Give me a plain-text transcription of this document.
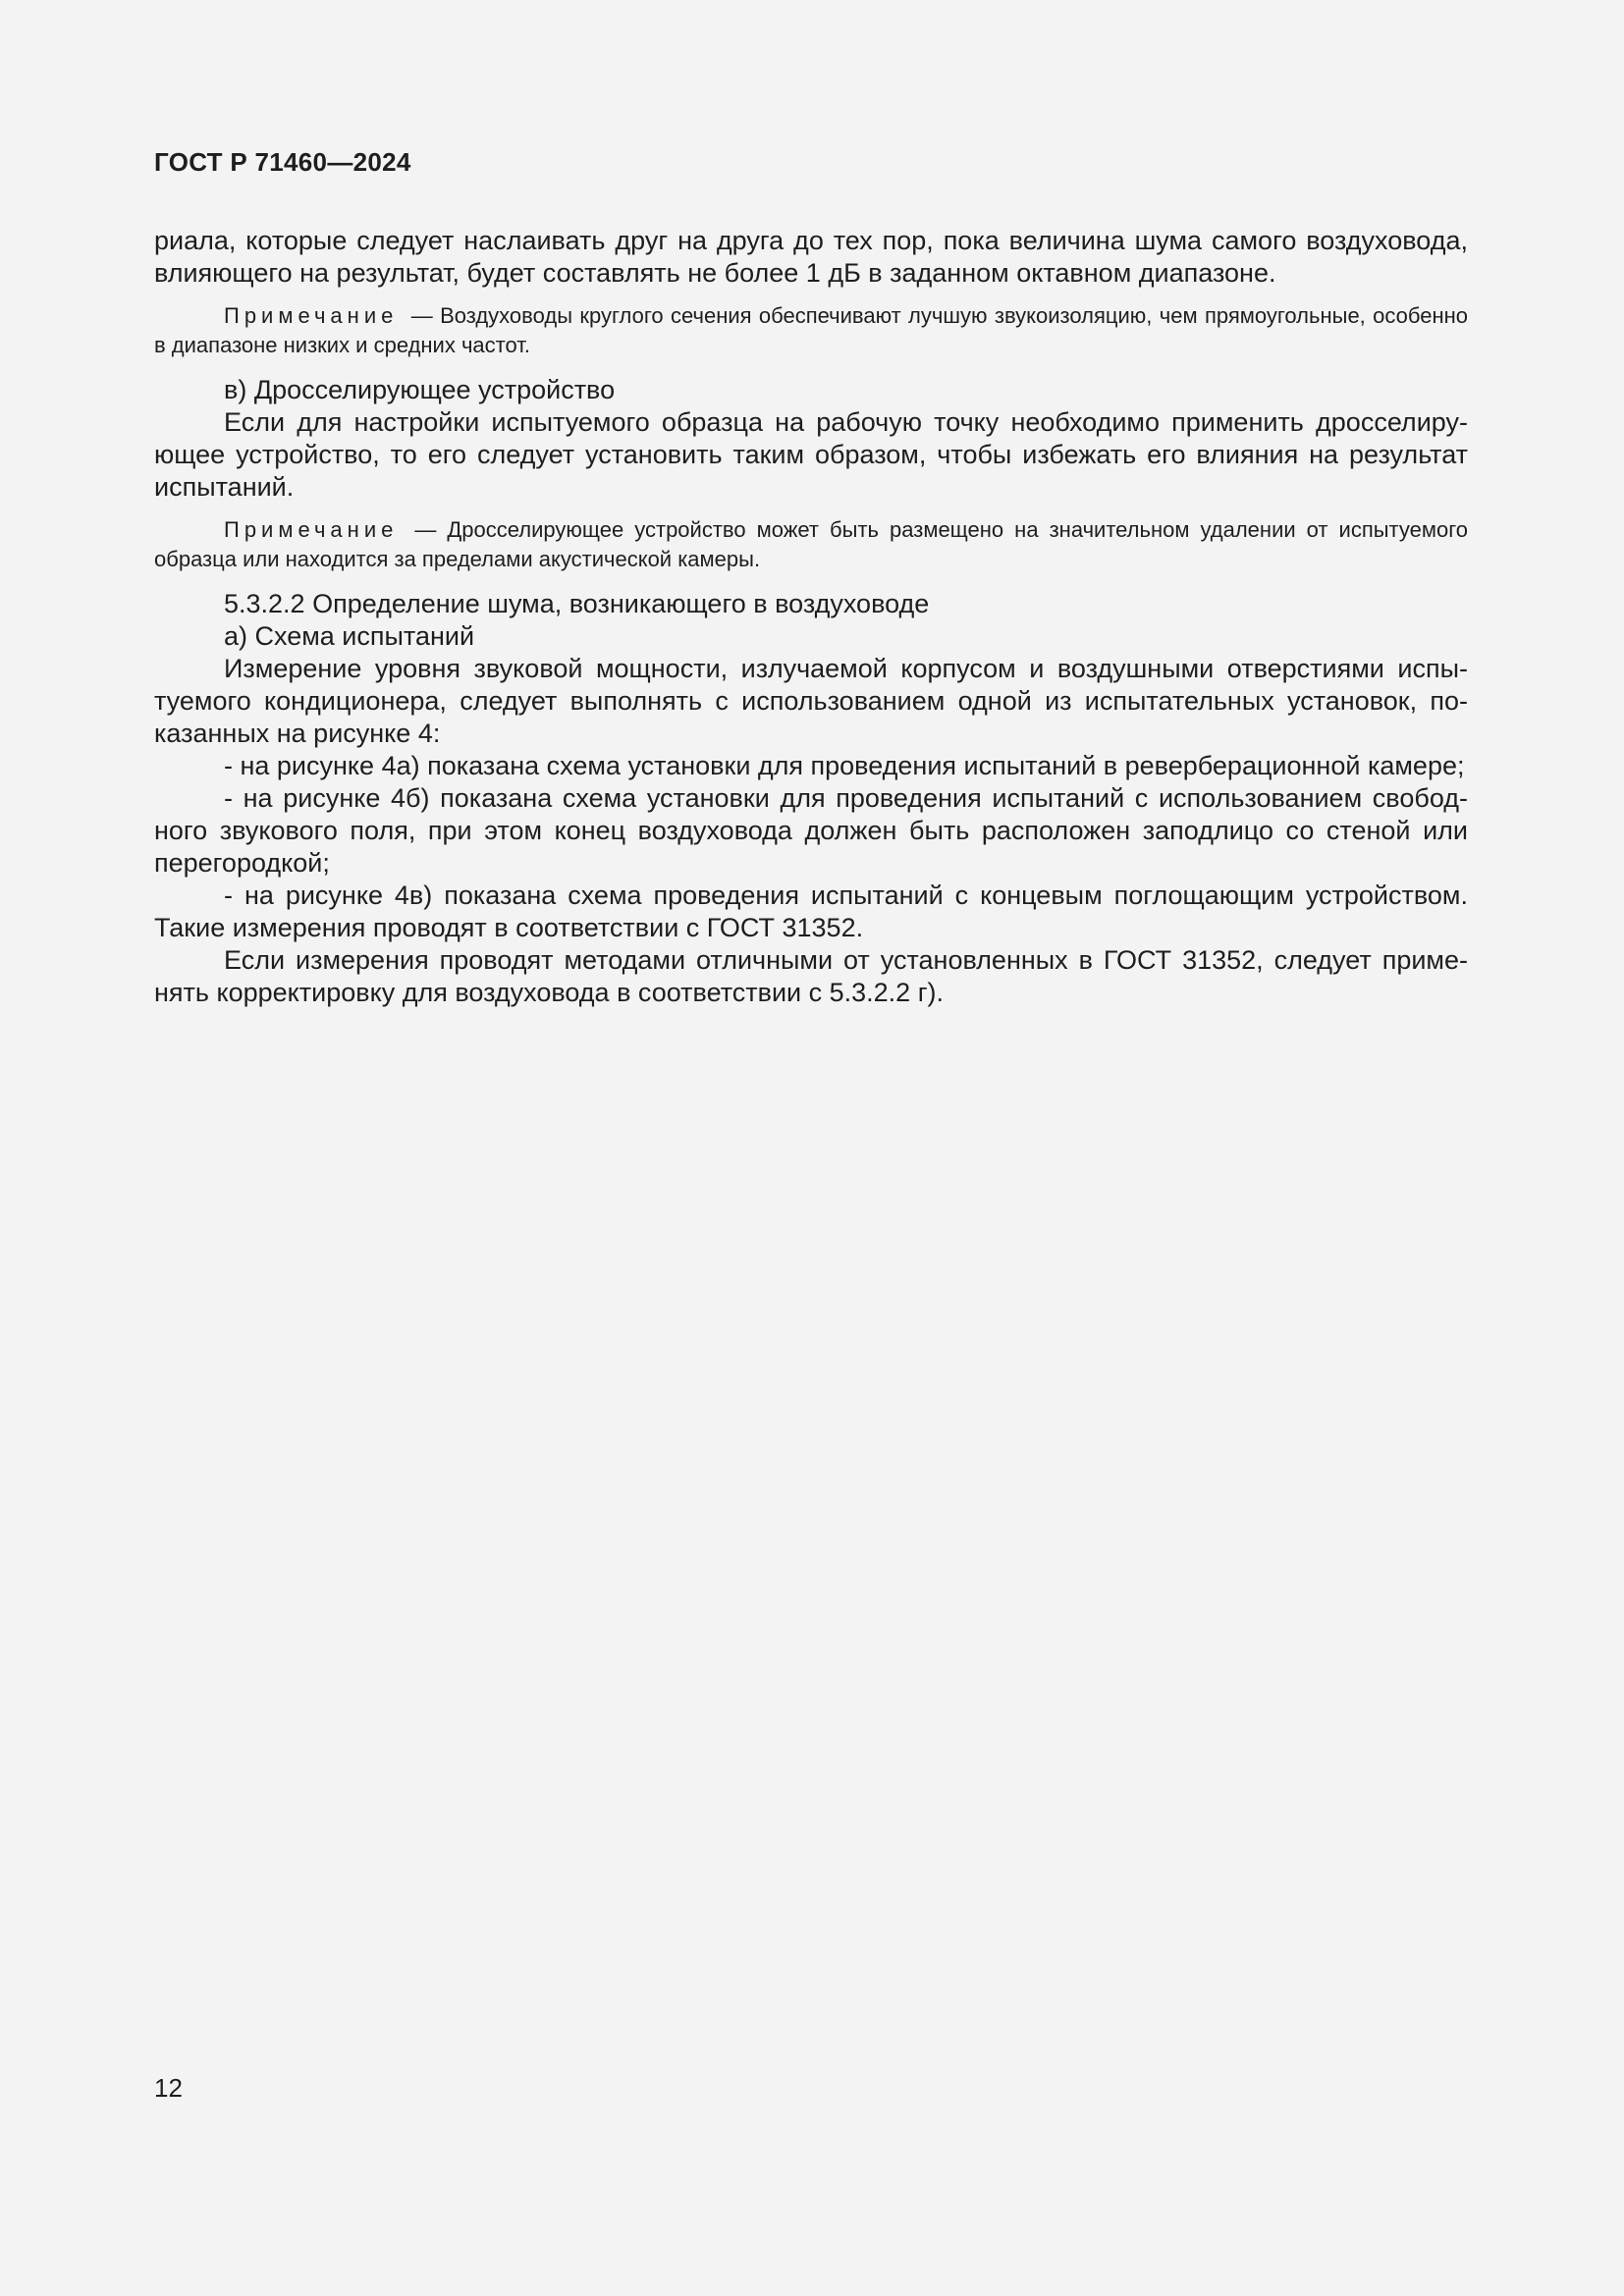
ГОСТ Р 71460—2024

риала, которые следует наслаивать друг на друга до тех пор, пока величина шума самого воздуховода, влияющего на результат, будет составлять не более 1 дБ в заданном октавном диапазоне.

Примечание — Воздуховоды круглого сечения обеспечивают лучшую звукоизоляцию, чем прямоугольные, особенно в диапазоне низких и средних частот.

в) Дросселирующее устройство

Если для настройки испытуемого образца на рабочую точку необходимо применить дросселирующее устройство, то его следует установить таким образом, чтобы избежать его влияния на результат испытаний.

Примечание — Дросселирующее устройство может быть размещено на значительном удалении от испытуемого образца или находится за пределами акустической камеры.

5.3.2.2 Определение шума, возникающего в воздуховоде

а) Схема испытаний

Измерение уровня звуковой мощности, излучаемой корпусом и воздушными отверстиями испытуемого кондиционера, следует выполнять с использованием одной из испытательных установок, показанных на рисунке 4:

- на рисунке 4а) показана схема установки для проведения испытаний в реверберационной камере;

- на рисунке 4б) показана схема установки для проведения испытаний с использованием свободного звукового поля, при этом конец воздуховода должен быть расположен заподлицо со стеной или перегородкой;

- на рисунке 4в) показана схема проведения испытаний с концевым поглощающим устройством. Такие измерения проводят в соответствии с ГОСТ 31352.

Если измерения проводят методами отличными от установленных в ГОСТ 31352, следует применять корректировку для воздуховода в соответствии с 5.3.2.2 г).

12
